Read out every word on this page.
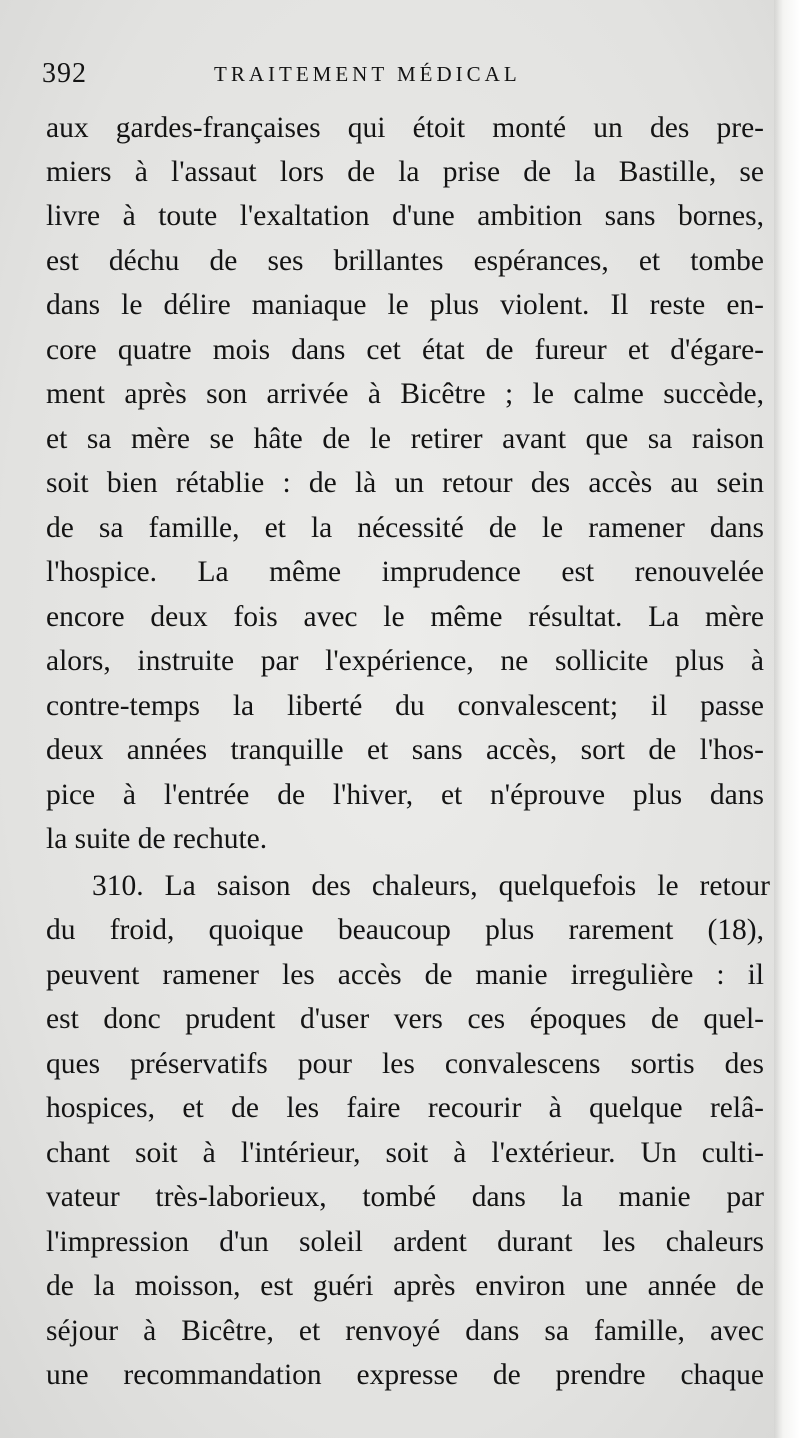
392	TRAITEMENT MÉDICAL
aux gardes-françaises qui étoit monté un des pre-
miers à l'assaut lors de la prise de la Bastille, se
livre à toute l'exaltation d'une ambition sans bornes,
est déchu de ses brillantes espérances, et tombe
dans le délire maniaque le plus violent. Il reste en-
core quatre mois dans cet état de fureur et d'égare-
ment après son arrivée à Bicêtre ; le calme succède,
et sa mère se hâte de le retirer avant que sa raison
soit bien rétablie : de là un retour des accès au sein
de sa famille, et la nécessité de le ramener dans
l'hospice. La même imprudence est renouvelée
encore deux fois avec le même résultat. La mère
alors, instruite par l'expérience, ne sollicite plus à
contre-temps la liberté du convalescent; il passe
deux années tranquille et sans accès, sort de l'hos-
pice à l'entrée de l'hiver, et n'éprouve plus dans
la suite de rechute.
310. La saison des chaleurs, quelquefois le retour
du froid, quoique beaucoup plus rarement (18),
peuvent ramener les accès de manie irregulière : il
est donc prudent d'user vers ces époques de quel-
ques préservatifs pour les convalescens sortis des
hospices, et de les faire recourir à quelque relâ-
chant soit à l'intérieur, soit à l'extérieur. Un culti-
vateur très-laborieux, tombé dans la manie par
l'impression d'un soleil ardent durant les chaleurs
de la moisson, est guéri après environ une année de
séjour à Bicêtre, et renvoyé dans sa famille, avec
une recommandation expresse de prendre chaque
